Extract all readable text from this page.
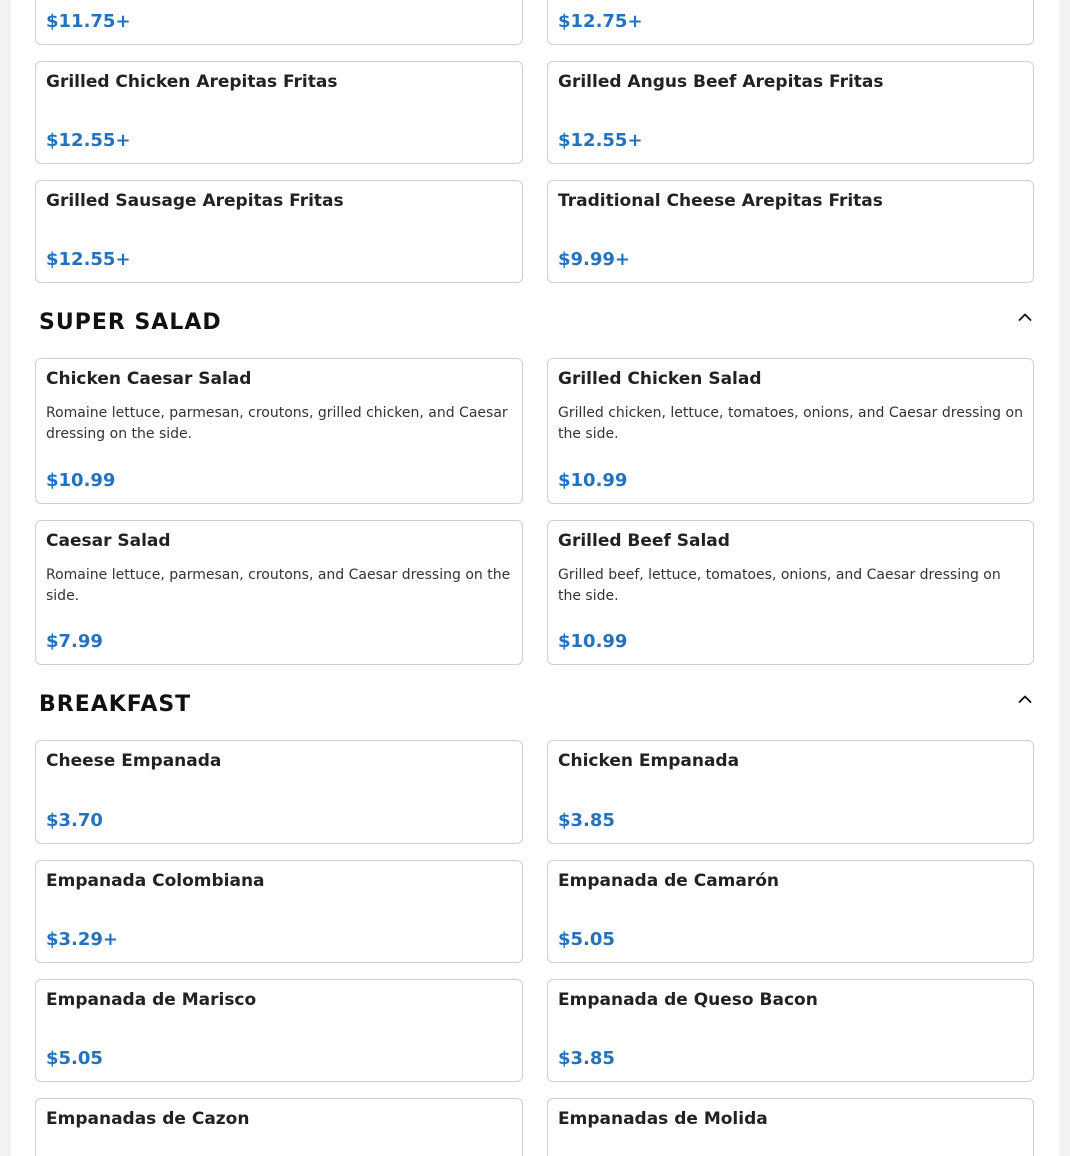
$11.75+	$12.75+
Grilled Chicken Arepitas Fritas
$12.55+
Grilled Angus Beef Arepitas Fritas
$12.55+
Grilled Sausage Arepitas Fritas
$12.55+
Traditional Cheese Arepitas Fritas
$9.99+
SUPER SALAD
Chicken Caesar Salad
Romaine lettuce, parmesan, croutons, grilled chicken, and Caesar dressing on the side.
$10.99
Grilled Chicken Salad
Grilled chicken, lettuce, tomatoes, onions, and Caesar dressing on the side.
$10.99
Caesar Salad
Romaine lettuce, parmesan, croutons, and Caesar dressing on the side.
$7.99
Grilled Beef Salad
Grilled beef, lettuce, tomatoes, onions, and Caesar dressing on the side.
$10.99
BREAKFAST
Cheese Empanada
$3.70
Chicken Empanada
$3.85
Empanada Colombiana
$3.29+
Empanada de Camarón
$5.05
Empanada de Marisco
$5.05
Empanada de Queso Bacon
$3.85
Empanadas de Cazon	Empanadas de Molida
